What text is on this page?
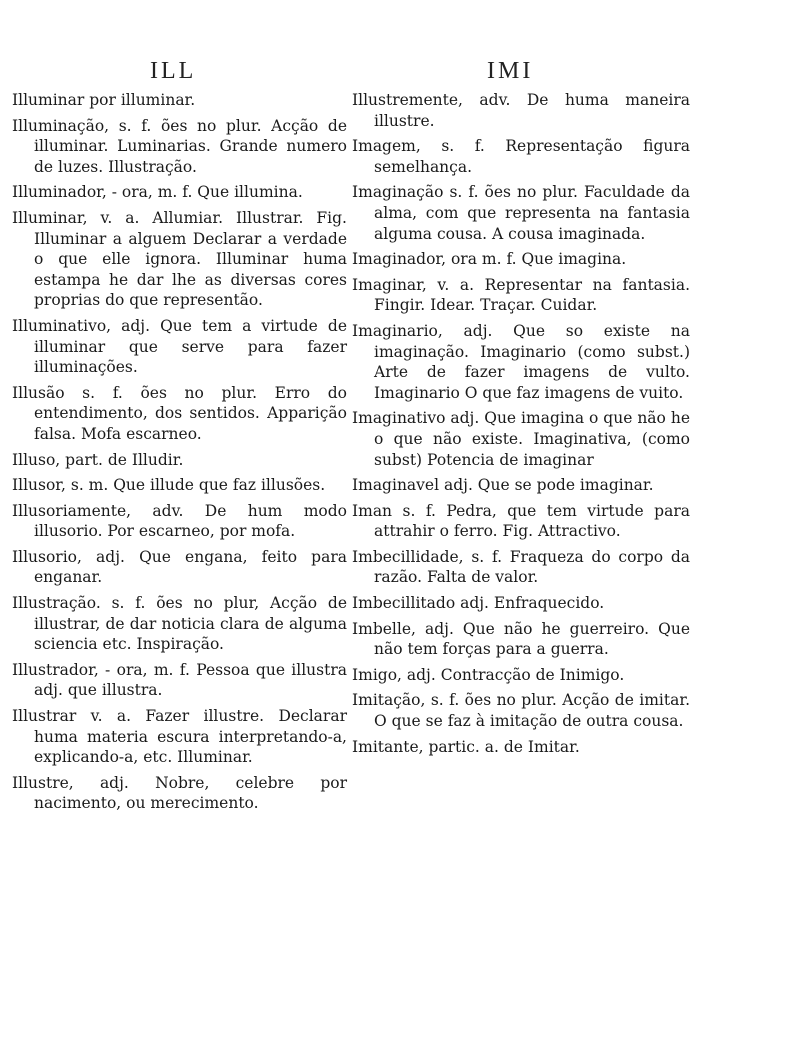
ILL	IMI

Illuminar por illuminar.

Illuminação, s. f. ões no plur. Acção de illuminar. Luminarias. Grande numero de luzes. Illustração.

Illuminador, - ora, m. f. Que illumina.

Illuminar, v. a. Allumiar. Illustrar. Fig. Illuminar a alguem Declarar a verdade o que elle ignora. Illuminar huma estampa he dar lhe as diversas cores proprias do que representão.

Illuminativo, adj. Que tem a virtude de illuminar que serve para fazer illuminações.

Illusão s. f. ões no plur. Erro do entendimento, dos sentidos. Apparição falsa. Mofa escarneo.

Illuso, part. de Illudir.

Illusor, s. m. Que illude que faz illusões.

Illusoriamente, adv. De hum modo illusorio. Por escarneo, por mofa.

Illusorio, adj. Que engana, feito para enganar.

Illustração. s. f. ões no plur, Acção de illustrar, de dar noticia clara de alguma sciencia etc. Inspiração.

Illustrador, - ora, m. f. Pessoa que illustra adj. que illustra.

Illustrar v. a. Fazer illustre. Declarar huma materia escura interpretando-a, explicando-a, etc. Illuminar.

Illustre, adj. Nobre, celebre por nacimento, ou merecimento.

Illustremente, adv. De huma maneira illustre.

Imagem, s. f. Representação figura semelhança.

Imaginação s. f. ões no plur. Faculdade da alma, com que representa na fantasia alguma cousa. A cousa imaginada.

Imaginador, ora m. f. Que imagina.

Imaginar, v. a. Representar na fantasia. Fingir. Idear. Traçar. Cuidar.

Imaginario, adj. Que so existe na imaginação. Imaginario (como subst.) Arte de fazer imagens de vulto. Imaginario O que faz imagens de vuito.

Imaginativo adj. Que imagina o que não he o que não existe. Imaginativa, (como subst) Potencia de imaginar

Imaginavel adj. Que se pode imaginar.

Iman s. f. Pedra, que tem virtude para attrahir o ferro. Fig. Attractivo.

Imbecillidade, s. f. Fraqueza do corpo da razão. Falta de valor.

Imbecillitado adj. Enfraquecido.

Imbelle, adj. Que não he guerreiro. Que não tem forças para a guerra.

Imigo, adj. Contracção de Inimigo.

Imitação, s. f. ões no plur. Acção de imitar. O que se faz à imitação de outra cousa.

Imitante, partic. a. de Imitar.
